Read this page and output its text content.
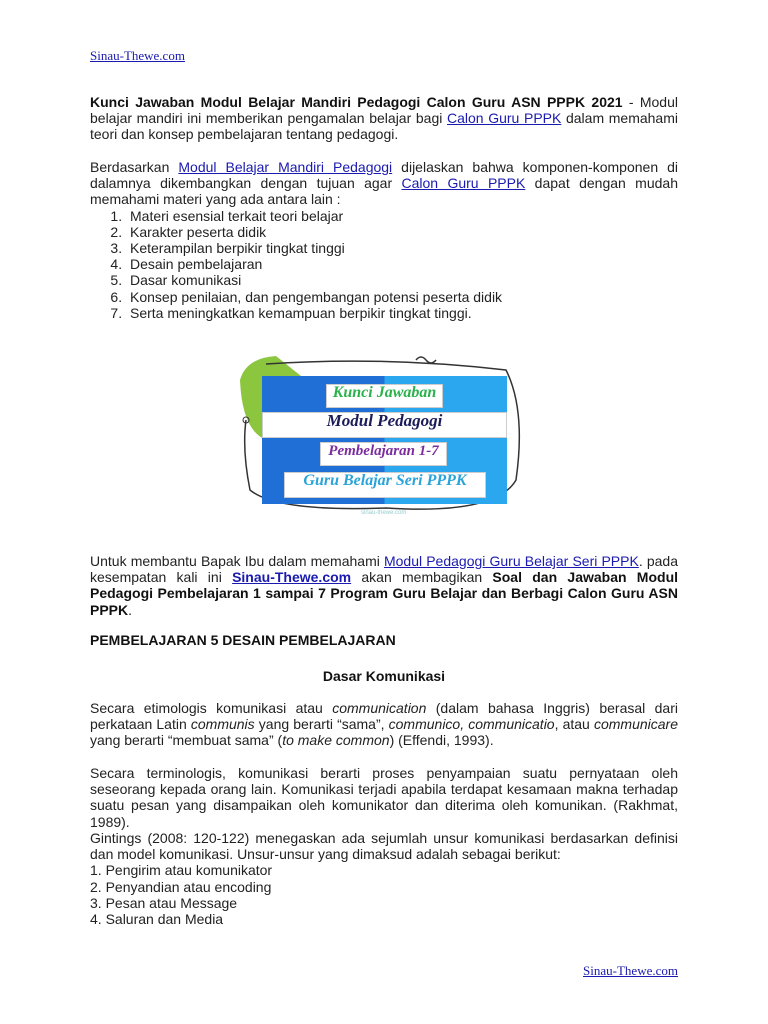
Sinau-Thewe.com
Kunci Jawaban Modul Belajar Mandiri Pedagogi Calon Guru ASN PPPK 2021 - Modul belajar mandiri ini memberikan pengamalan belajar bagi Calon Guru PPPK dalam memahami teori dan konsep pembelajaran tentang pedagogi.
Berdasarkan Modul Belajar Mandiri Pedagogi dijelaskan bahwa komponen-komponen di dalamnya dikembangkan dengan tujuan agar Calon Guru PPPK dapat dengan mudah memahami materi yang ada antara lain :
1. Materi esensial terkait teori belajar
2. Karakter peserta didik
3. Keterampilan berpikir tingkat tinggi
4. Desain pembelajaran
5. Dasar komunikasi
6. Konsep penilaian, dan pengembangan potensi peserta didik
7. Serta meningkatkan kemampuan berpikir tingkat tinggi.
Kunci Jawaban
Modul Pedagogi
Pembelajaran 1-7
Guru Belajar Seri PPPK
sinau-thewe.com
Untuk membantu Bapak Ibu dalam memahami Modul Pedagogi Guru Belajar Seri PPPK. pada kesempatan kali ini Sinau-Thewe.com akan membagikan Soal dan Jawaban Modul Pedagogi Pembelajaran 1 sampai 7 Program Guru Belajar dan Berbagi Calon Guru ASN PPPK.
PEMBELAJARAN 5 DESAIN PEMBELAJARAN
Dasar Komunikasi
Secara etimologis komunikasi atau communication (dalam bahasa Inggris) berasal dari perkataan Latin communis yang berarti “sama”, communico, communicatio, atau communicare yang berarti “membuat sama” (to make common) (Effendi, 1993).
Secara terminologis, komunikasi berarti proses penyampaian suatu pernyataan oleh seseorang kepada orang lain. Komunikasi terjadi apabila terdapat kesamaan makna terhadap suatu pesan yang disampaikan oleh komunikator dan diterima oleh komunikan. (Rakhmat, 1989).
Gintings (2008: 120-122) menegaskan ada sejumlah unsur komunikasi berdasarkan definisi dan model komunikasi. Unsur-unsur yang dimaksud adalah sebagai berikut:
1. Pengirim atau komunikator
2. Penyandian atau encoding
3. Pesan atau Message
4. Saluran dan Media
Sinau-Thewe.com
